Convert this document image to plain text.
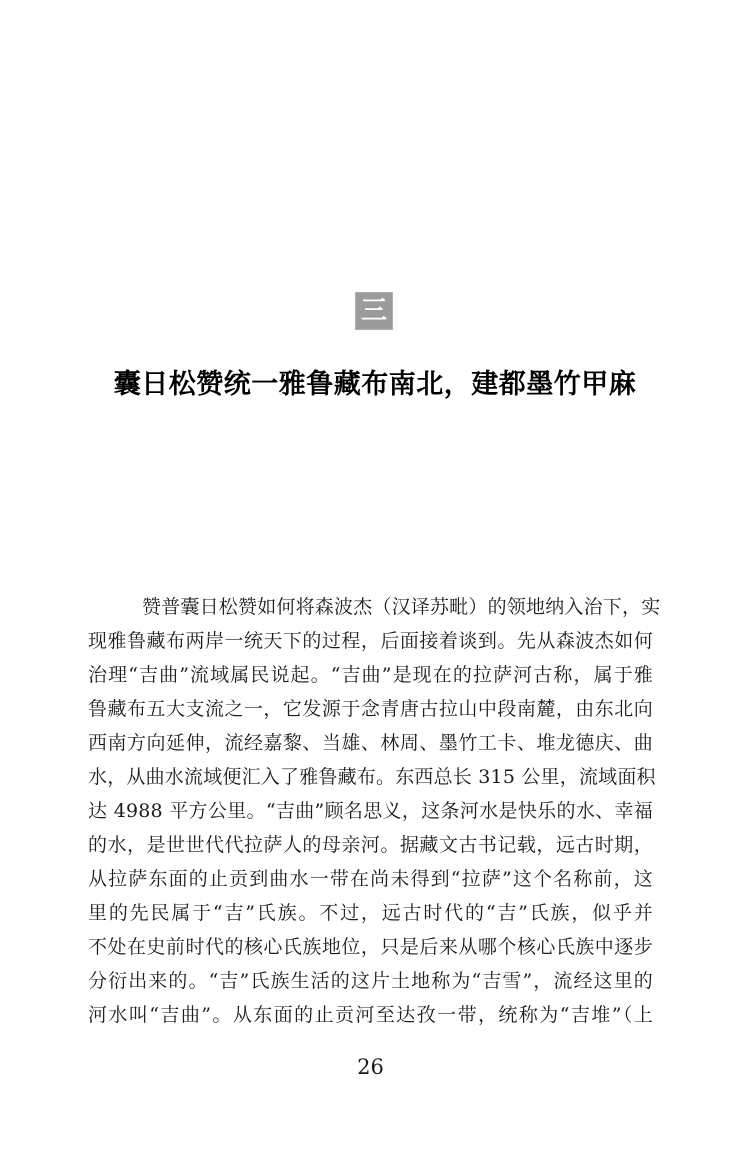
三
囊日松赞统一雅鲁藏布南北，建都墨竹甲麻
赞普囊日松赞如何将森波杰（汉译苏毗）的领地纳入治下，实
现雅鲁藏布两岸一统天下的过程，后面接着谈到。先从森波杰如何
治理“吉曲”流域属民说起。“吉曲”是现在的拉萨河古称，属于雅
鲁藏布五大支流之一，它发源于念青唐古拉山中段南麓，由东北向
西南方向延伸，流经嘉黎、当雄、林周、墨竹工卡、堆龙德庆、曲
水，从曲水流域便汇入了雅鲁藏布。东西总长 315 公里，流域面积
达 4988 平方公里。“吉曲”顾名思义，这条河水是快乐的水、幸福
的水，是世世代代拉萨人的母亲河。据藏文古书记载，远古时期，
从拉萨东面的止贡到曲水一带在尚未得到“拉萨”这个名称前，这
里的先民属于“吉”氏族。不过，远古时代的“吉”氏族，似乎并
不处在史前时代的核心氏族地位，只是后来从哪个核心氏族中逐步
分衍出来的。“吉”氏族生活的这片土地称为“吉雪”，流经这里的
河水叫“吉曲”。从东面的止贡河至达孜一带，统称为“吉堆”（上
26
